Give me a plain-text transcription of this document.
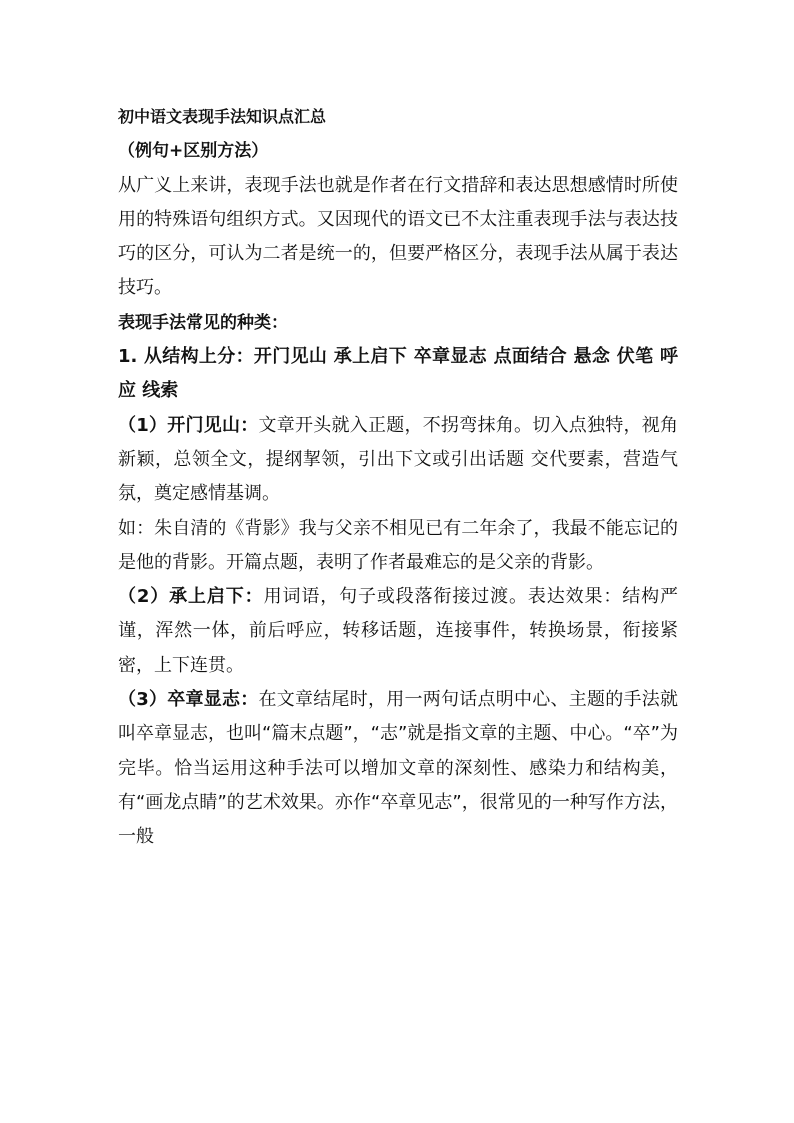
初中语文表现手法知识点汇总
（例句+区别方法）
从广义上来讲，表现手法也就是作者在行文措辞和表达思想感情时所使用的特殊语句组织方式。又因现代的语文已不太注重表现手法与表达技巧的区分，可认为二者是统一的，但要严格区分，表现手法从属于表达技巧。
表现手法常见的种类：
1. 从结构上分：开门见山 承上启下 卒章显志 点面结合 悬念 伏笔 呼应 线索
（1）开门见山：文章开头就入正题，不拐弯抹角。切入点独特，视角新颖，总领全文，提纲挈领，引出下文或引出话题 交代要素，营造气氛，奠定感情基调。
如：朱自清的《背影》我与父亲不相见已有二年余了，我最不能忘记的是他的背影。开篇点题，表明了作者最难忘的是父亲的背影。
（2）承上启下：用词语，句子或段落衔接过渡。表达效果：结构严谨，浑然一体，前后呼应，转移话题，连接事件，转换场景，衔接紧密，上下连贯。
（3）卒章显志：在文章结尾时，用一两句话点明中心、主题的手法就叫卒章显志，也叫“篇末点题”，“志”就是指文章的主题、中心。“卒”为完毕。恰当运用这种手法可以增加文章的深刻性、感染力和结构美，有“画龙点睛”的艺术效果。亦作“卒章见志”，很常见的一种写作方法，一般
